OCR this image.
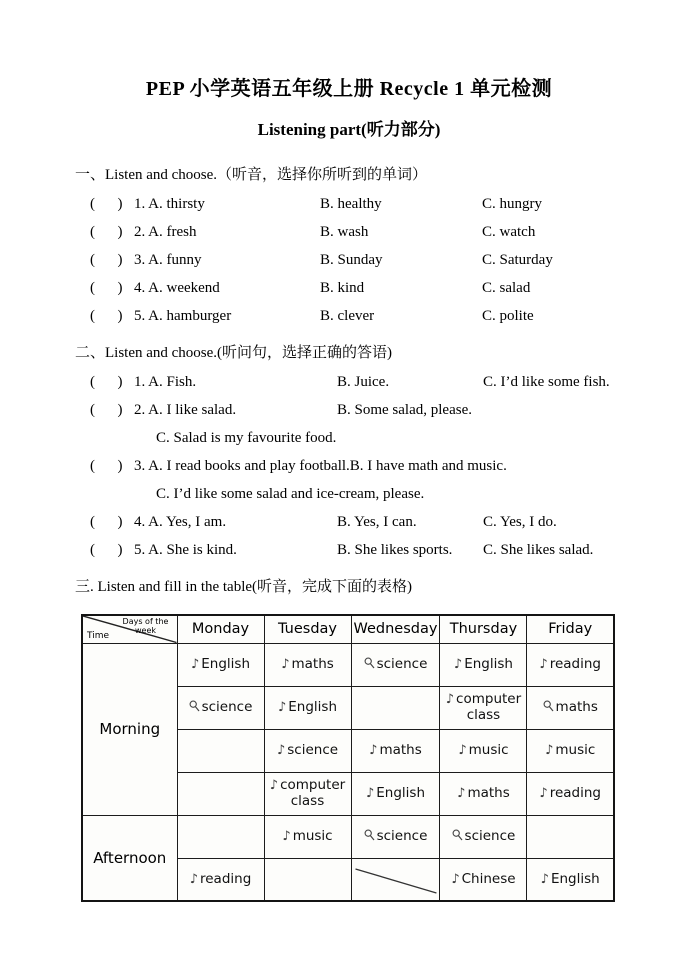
PEP 小学英语五年级上册 Recycle 1 单元检测
Listening part(听力部分)
一、Listen and choose.（听音，选择你所听到的单词）
(      ) 1. A. thirsty	B. healthy	C. hungry
(      ) 2. A. fresh	B. wash	C. watch
(      ) 3. A. funny	B. Sunday	C. Saturday
(      ) 4. A. weekend	B. kind	C. salad
(      ) 5. A. hamburger	B. clever	C. polite
二、Listen and choose.(听问句，选择正确的答语)
(      ) 1. A. Fish.	B. Juice.	C. I’d like some fish.
(      ) 2. A. I like salad.	B. Some salad, please.
C. Salad is my favourite food.
(      ) 3. A. I read books and play football.B. I have math and music.
C. I’d like some salad and ice-cream, please.
(      ) 4. A. Yes, I am.	B. Yes, I can.	C. Yes, I do.
(      ) 5. A. She is kind.	B. She likes sports. C. She likes salad.
三. Listen and fill in the table(听音，完成下面的表格)
Days of the week
Time	Monday	Tuesday	Wednesday	Thursday	Friday
Morning	♪ English	♪ maths	science	♪ English	♪ reading
	science	♪ English		♪ computer class	maths
		♪ science	♪ maths	♪ music	♪ music
		♪ computer class	♪ English	♪ maths	♪ reading
Afternoon		♪ music	science	science	
	♪ reading			♪ Chinese	♪ English
